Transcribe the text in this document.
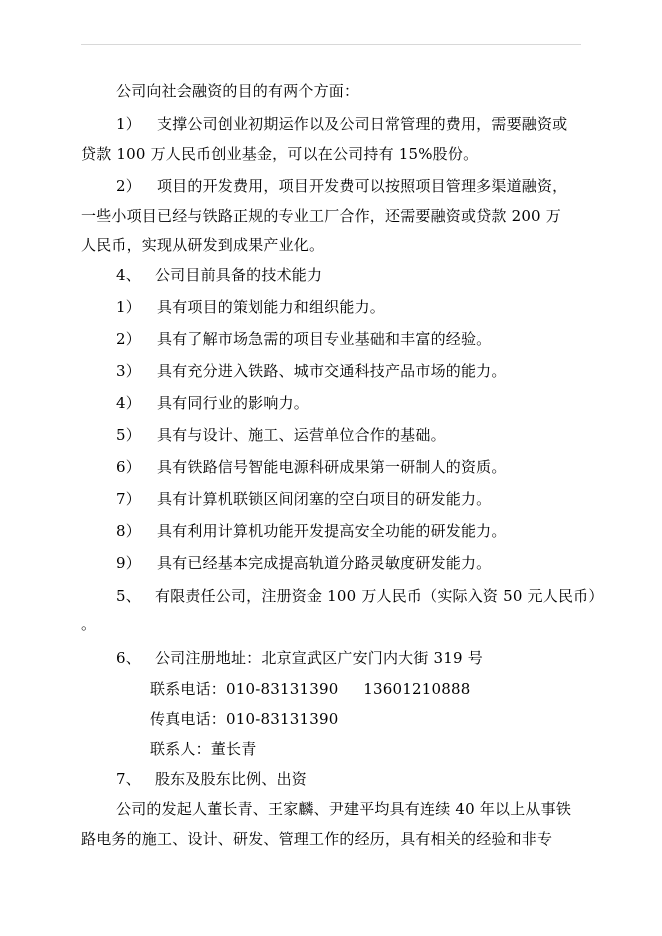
公司向社会融资的目的有两个方面：
1） 支撑公司创业初期运作以及公司日常管理的费用，需要融资或
贷款 100 万人民币创业基金，可以在公司持有 15%股份。
2） 项目的开发费用，项目开发费可以按照项目管理多渠道融资，
一些小项目已经与铁路正规的专业工厂合作，还需要融资或贷款 200 万
人民币，实现从研发到成果产业化。
4、 公司目前具备的技术能力
1） 具有项目的策划能力和组织能力。
2） 具有了解市场急需的项目专业基础和丰富的经验。
3） 具有充分进入铁路、城市交通科技产品市场的能力。
4） 具有同行业的影响力。
5） 具有与设计、施工、运营单位合作的基础。
6） 具有铁路信号智能电源科研成果第一研制人的资质。
7） 具有计算机联锁区间闭塞的空白项目的研发能力。
8） 具有利用计算机功能开发提高安全功能的研发能力。
9） 具有已经基本完成提高轨道分路灵敏度研发能力。
5、 有限责任公司，注册资金 100 万人民币（实际入资 50 元人民币）
。
6、 公司注册地址：北京宣武区广安门内大街 319 号
联系电话：010-83131390     13601210888
传真电话：010-83131390
联系人：董长青
7、 股东及股东比例、出资
公司的发起人董长青、王家麟、尹建平均具有连续 40 年以上从事铁
路电务的施工、设计、研发、管理工作的经历，具有相关的经验和非专
